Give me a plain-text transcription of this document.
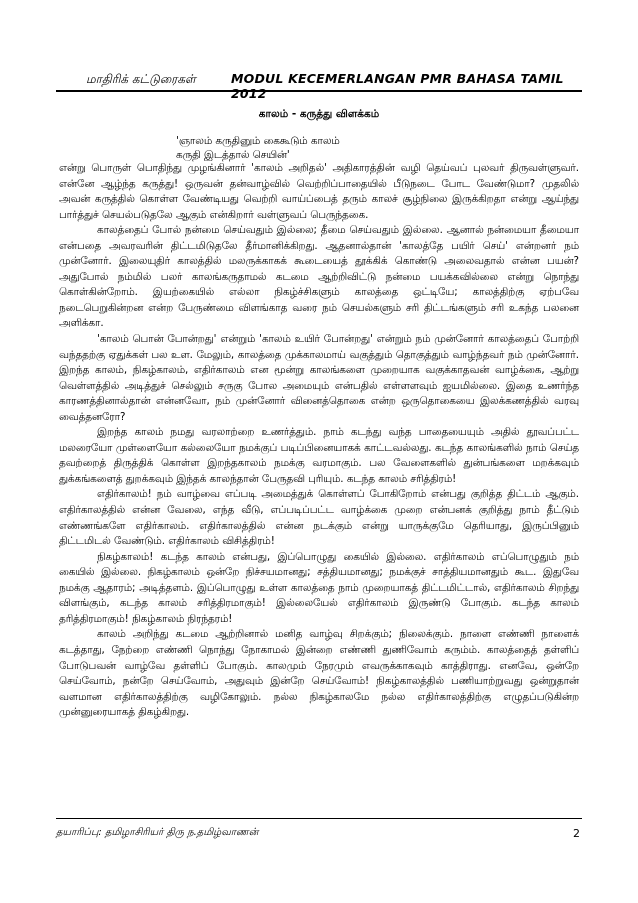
மாதிரிக் கட்டுரைகள்	MODUL KECEMERLANGAN PMR BAHASA TAMIL 2012
காலம் - கருத்து விளக்கம்
'ஞாலம் கருதினும் கைகூடும் காலம்
கருதி இடத்தால் செயின்'

என்று பொருள் பொதிந்து முழங்கினார் 'காலம் அறிதல்' அதிகாரத்தின் வழி தெய்வப் புலவர் திருவள்ளுவர். என்னே ஆழ்ந்த கருத்து! ஒருவன் தன்வாழ்வில் வெற்றிப்பாதையில் பீடுநடை போட வேண்டுமா? முதலில் அவன் கருத்தில் கொள்ள வேண்டியது வெற்றி வாய்ப்பைத் தரும் காலச் சூழ்நிலை இருக்கிறதா என்று ஆய்ந்து பார்த்துச் செயல்படுதலே ஆகும் என்கிறார் வள்ளுவப் பெருந்தகை.

காலத்தைப் போல் நன்மை செய்வதும் இல்லை; தீமை செய்வதும் இல்லை. ஆனால் நன்மையா தீமையா என்பதை அவரவரின் திட்டமிடுதலே தீர்மானிக்கிறது. ஆதனால்தான் 'காலத்தே பயிர் செய்' என்றனர் நம் முன்னோர். இலையுதிர் காலத்தில் மலருக்காகக் கூடையைத் தூக்கிக் கொண்டு அலைவதால் என்ன பயன்? அதுபோல் நம்மில் பலர் காலங்கருதாமல் கடமை ஆற்றிவிட்டு நன்மை பயக்கவில்லை என்று நொந்து கொள்கின்றோம். இயற்கையில் எல்லா நிகழ்ச்சிகளும் காலத்தை ஒட்டியே; காலத்திற்கு ஏற்பவே நடைபெறுகின்றன என்ற பேருண்மை விளங்காத வரை நம் செயல்களும் சரி திட்டங்களும் சரி உகந்த பலனை அளிக்கா.

'காலம் பொன் போன்றது' என்றும் 'காலம் உயிர் போன்றது' என்றும் நம் முன்னோர் காலத்தைப் போற்றி வந்ததற்கு ஏதுக்கள் பல உள. மேலும், காலத்தை முக்காலமாய் வகுத்தும் தொகுத்தும் வாழ்ந்தவர் நம் முன்னோர். இறந்த காலம், நிகழ்காலம், எதிர்காலம் என மூன்று காலங்களை முறையாக வகுக்காதவன் வாழ்க்கை, ஆற்று வெள்ளத்தில் அடித்துச் செல்லும் சருகு போல அமையும் என்பதில் எள்ளளவும் ஐயமில்லை. இதை உணர்ந்த காரணத்தினால்தான் என்னவோ, நம் முன்னோர் வினைத்தொகை என்ற ஒருதொகையை இலக்கணத்தில் வரவு வைத்தனரோ?

இறந்த காலம் நமது வரலாற்றை உணர்த்தும். நாம் கடந்து வந்த பாதையையும் அதில் தூவப்பட்ட மலரையோ முள்ளையோ கல்லையோ நமக்குப் படிப்பினையாகக் காட்டவல்லது. கடந்த காலங்களில் நாம் செய்த தவற்றைத் திருத்திக் கொள்ள இறந்தகாலம் நமக்கு வரமாகும். பல வேளைகளில் துன்பங்களை மறக்கவும் துக்கங்களைத் துறக்கவும் இந்தக் காலந்தான் பேருதவி புரியும். கடந்த காலம் சரித்திரம்!

எதிர்காலம்! நம் வாழ்வை எப்படி அமைத்துக் கொள்ளப் போகிறோம் என்பது குறித்த திட்டம் ஆகும். எதிர்காலத்தில் என்ன வேலை, எந்த வீடு, எப்படிப்பட்ட வாழ்க்கை முறை என்பனக் குறித்து நாம் தீட்டும் எண்ணங்களே எதிர்காலம். எதிர்காலத்தில் என்ன நடக்கும் என்று யாருக்குமே தெரியாது, இருப்பினும் திட்டமிடல் வேண்டும். எதிர்காலம் விசித்திரம்!

நிகழ்காலம்! கடந்த காலம் என்பது, இப்பொழுது கையில் இல்லை. எதிர்காலம் எப்பொழுதும் நம் கையில் இல்லை. நிகழ்காலம் ஒன்றே நிச்சயமானது; சத்தியமானது; நமக்குச் சாத்தியமானதும் கூட. இதுவே நமக்கு ஆதாரம்; அடித்தளம். இப்பொழுது உள்ள காலத்தை நாம் முறையாகத் திட்டமிட்டால், எதிர்காலம் சிறந்து விளங்கும், கடந்த காலம் சரித்திரமாகும்! இல்லையேல் எதிர்காலம் இருண்டு போகும். கடந்த காலம் தரித்திரமாகும்! நிகழ்காலம் நிரந்தரம்!

காலம் அறிந்து கடமை ஆற்றினால் மனித வாழ்வு சிறக்கும்; நிலைக்கும். நாளை எண்ணி நாளைக் கடத்தாது, நேற்றை எண்ணி நொந்து நோகாமல் இன்றை எண்ணி துணிவோம் கரும்ம். காலத்தைத் தள்ளிப் போடுபவன் வாழ்வே தள்ளிப் போகும். காலமும் நேரமும் எவருக்காகவும் காத்திராது. எனவே, ஒன்றே செய்வோம், நன்றே செய்வோம், அதுவும் இன்றே செய்வோம்! நிகழ்காலத்தில் பணியாற்றுவது ஒன்றுதான் வளமான எதிர்காலத்திற்கு வழிகோலும். நல்ல நிகழ்காலமே நல்ல எதிர்காலத்திற்கு எழுதப்படுகின்ற முன்னுரையாகத் திகழ்கிறது.

தயாரிப்பு: தமிழாசிரியர் திரு ந.தமிழ்வாணன்	2
